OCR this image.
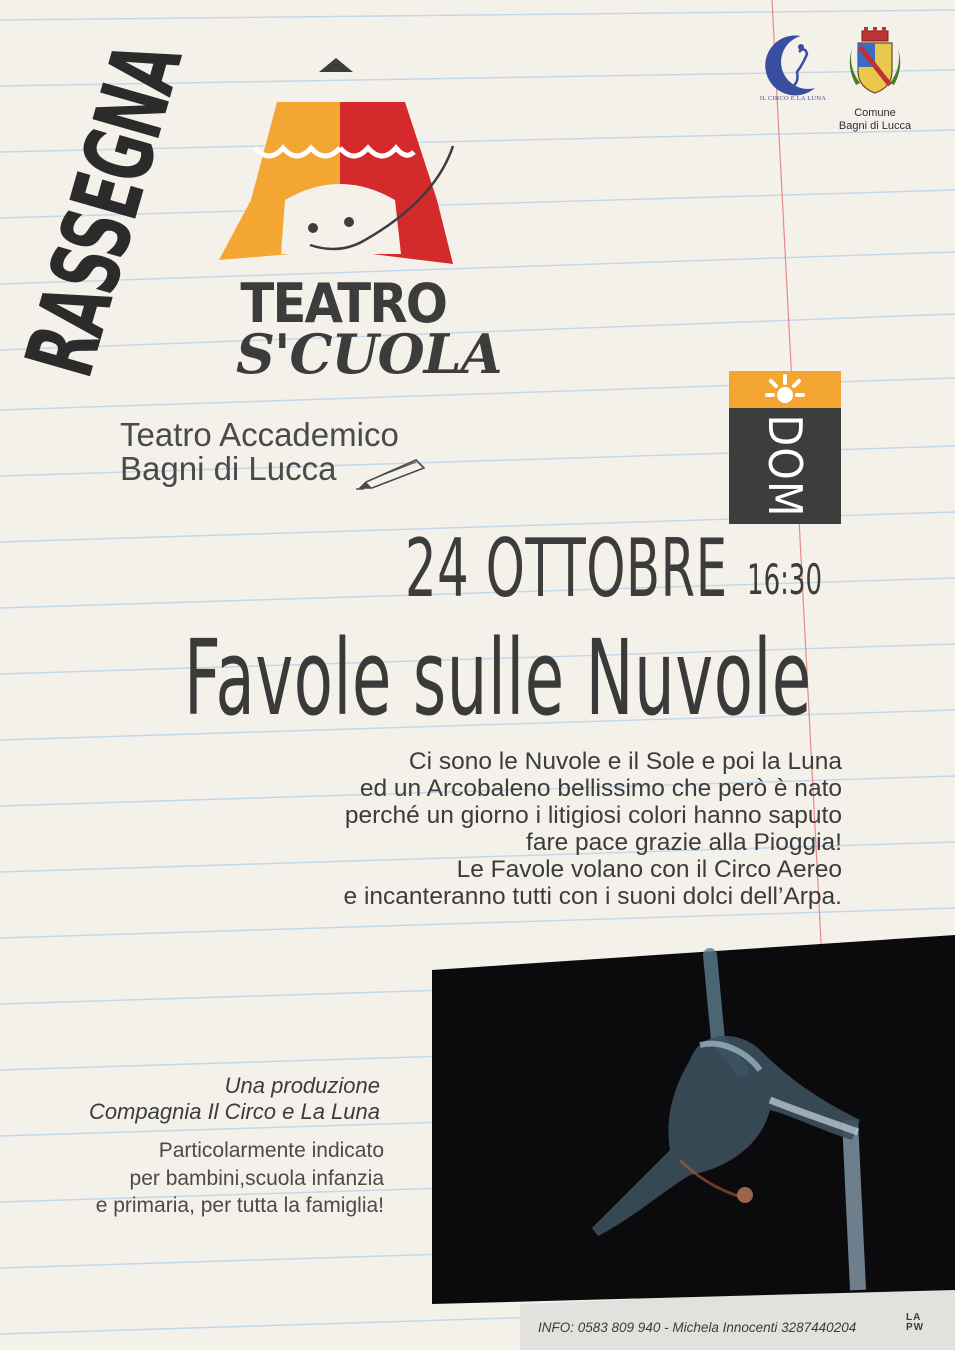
RASSEGNA TEATRO
S'CUOLA
IL CIRCO E LA LUNA
Comune
Bagni di Lucca
Teatro Accademico
Bagni di Lucca	DOM
24 OTTOBRE 16:30
Favole sulle Nuvole
Ci sono le Nuvole e il Sole e poi la Luna
ed un Arcobaleno bellissimo che però è nato
perché un giorno i litigiosi colori hanno saputo
fare pace grazie alla Pioggia!
Le Favole volano con il Circo Aereo
e incanteranno tutti con i suoni dolci dell’Arpa.
Una produzione
Compagnia Il Circo e La Luna
Particolarmente indicato
per bambini,scuola infanzia
e primaria, per tutta la famiglia!
INFO: 0583 809 940 - Michela Innocenti 3287440204
LA
PW
